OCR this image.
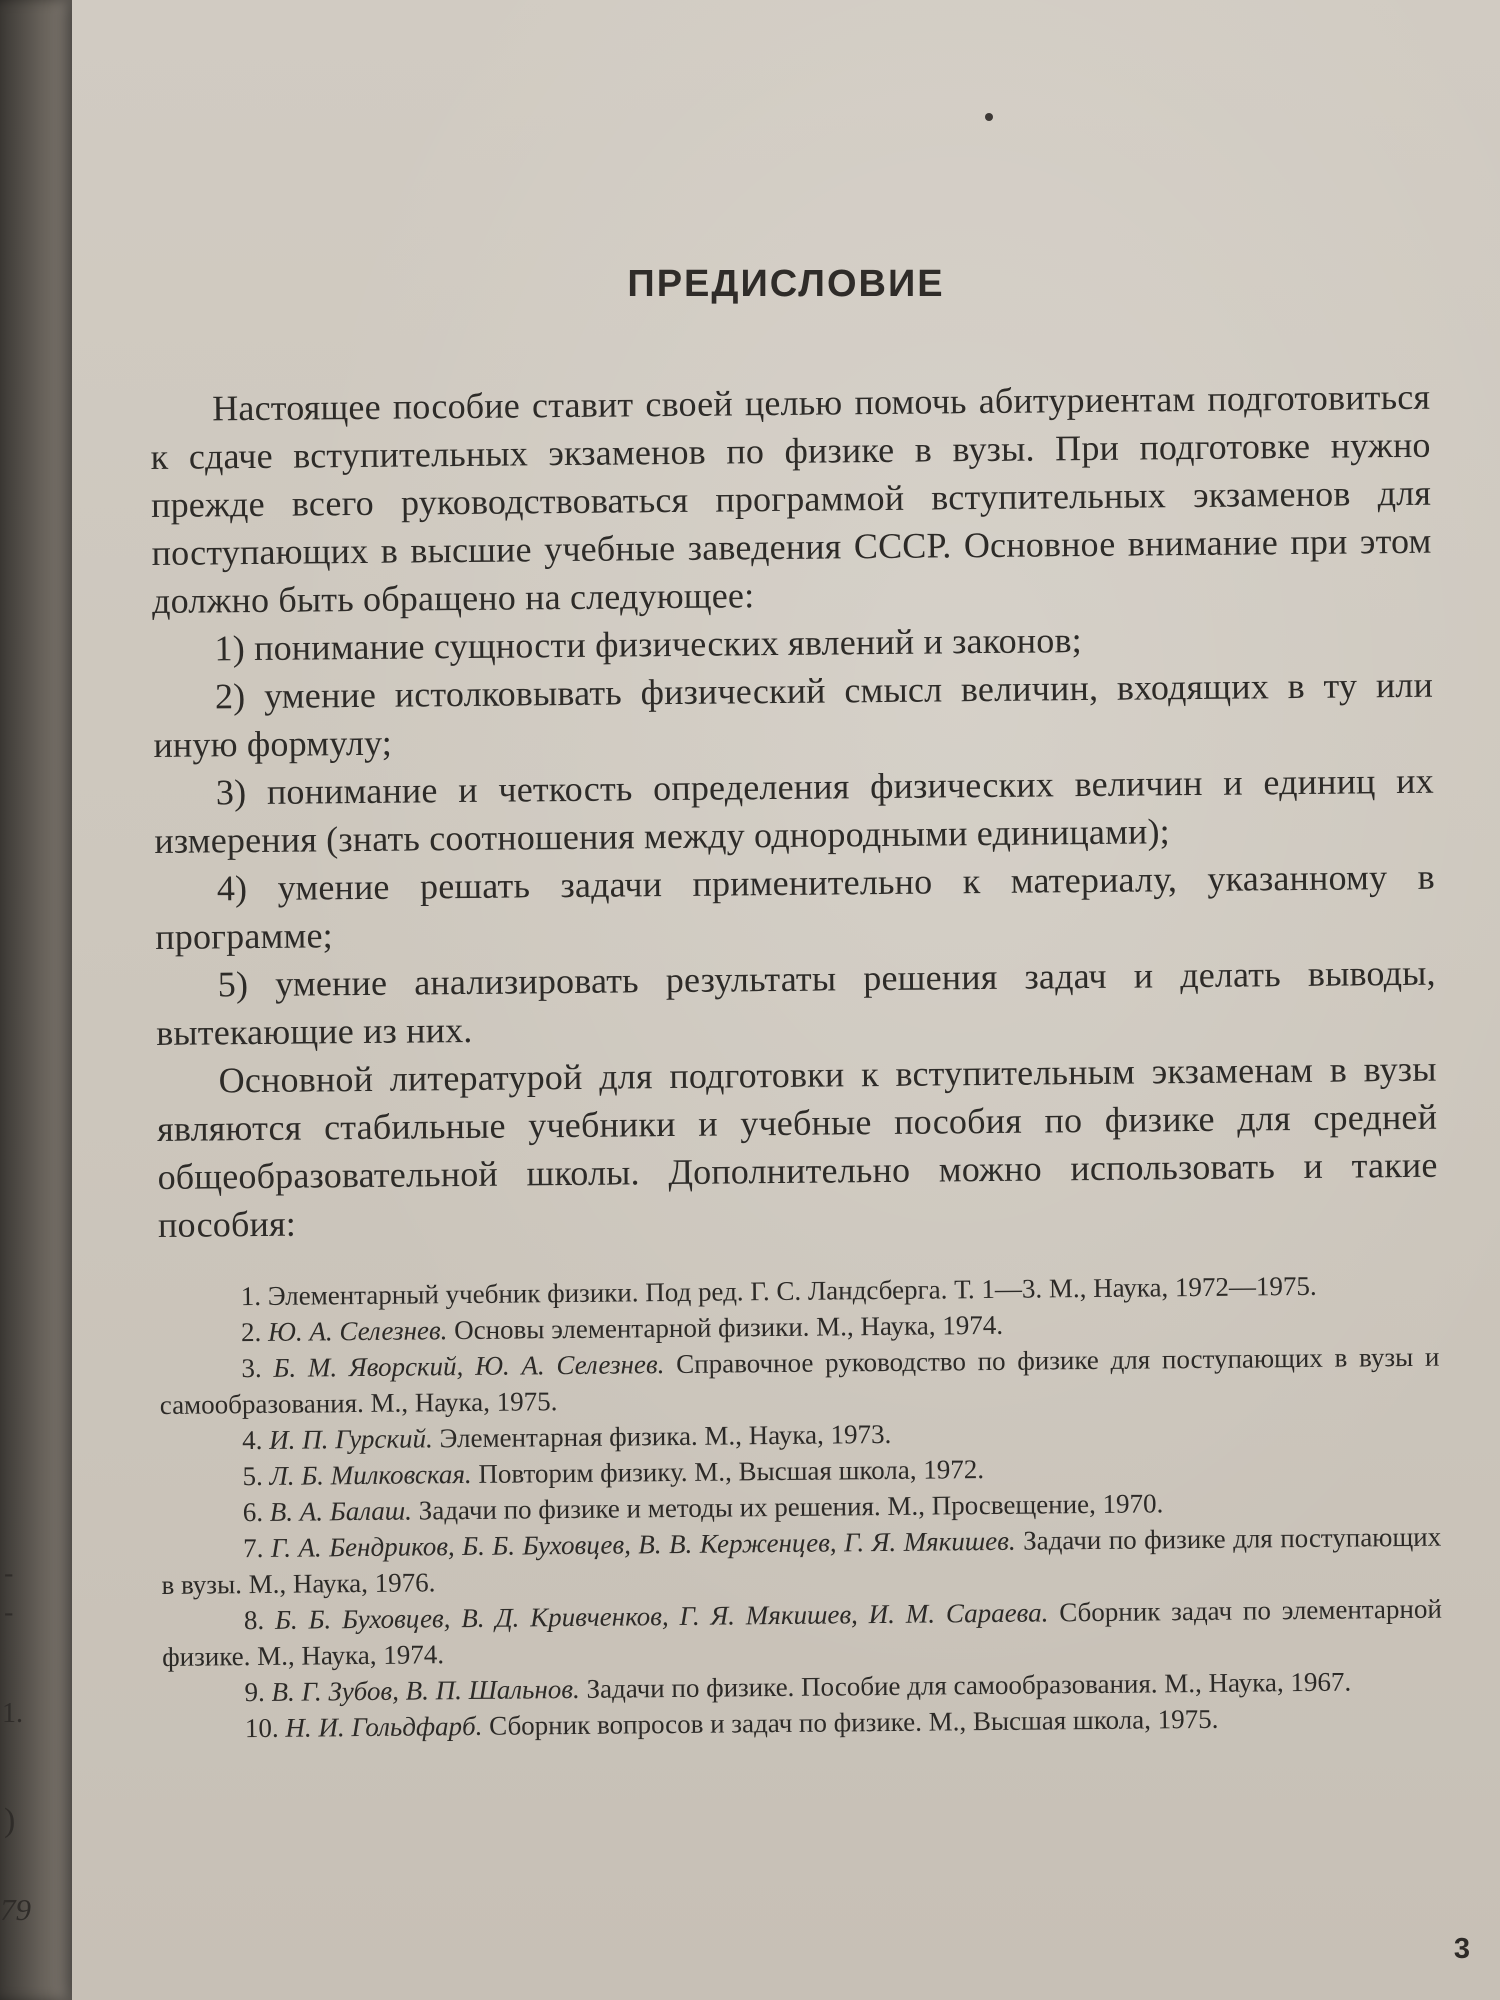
-
-
1.
)
79
ПРЕДИСЛОВИЕ

Настоящее пособие ставит своей целью помочь абитуриентам подготовиться к сдаче вступительных экзаменов по физике в вузы. При подготовке нужно прежде всего руководствоваться программой вступительных экзаменов для поступающих в высшие учебные заведения СССР. Основное внимание при этом должно быть обращено на следующее:

1) понимание сущности физических явлений и законов;

2) умение истолковывать физический смысл величин, входящих в ту или иную формулу;

3) понимание и четкость определения физических величин и единиц их измерения (знать соотношения между однородными единицами);

4) умение решать задачи применительно к материалу, указанному в программе;

5) умение анализировать результаты решения задач и делать выводы, вытекающие из них.

Основной литературой для подготовки к вступительным экзаменам в вузы являются стабильные учебники и учебные пособия по физике для средней общеобразовательной школы. Дополнительно можно использовать и такие пособия:

1. Элементарный учебник физики. Под ред. Г. С. Ландсберга. Т. 1—3. М., Наука, 1972—1975.

2. Ю. А. Селезнев. Основы элементарной физики. М., Наука, 1974.

3. Б. М. Яворский, Ю. А. Селезнев. Справочное руководство по физике для поступающих в вузы и самообразования. М., Наука, 1975.

4. И. П. Гурский. Элементарная физика. М., Наука, 1973.

5. Л. Б. Милковская. Повторим физику. М., Высшая школа, 1972.

6. В. А. Балаш. Задачи по физике и методы их решения. М., Просвещение, 1970.

7. Г. А. Бендриков, Б. Б. Буховцев, В. В. Керженцев, Г. Я. Мякишев. Задачи по физике для поступающих в вузы. М., Наука, 1976.

8. Б. Б. Буховцев, В. Д. Кривченков, Г. Я. Мякишев, И. М. Сараева. Сборник задач по элементарной физике. М., Наука, 1974.

9. В. Г. Зубов, В. П. Шальнов. Задачи по физике. Пособие для самообразования. М., Наука, 1967.

10. Н. И. Гольдфарб. Сборник вопросов и задач по физике. М., Высшая школа, 1975.

3
